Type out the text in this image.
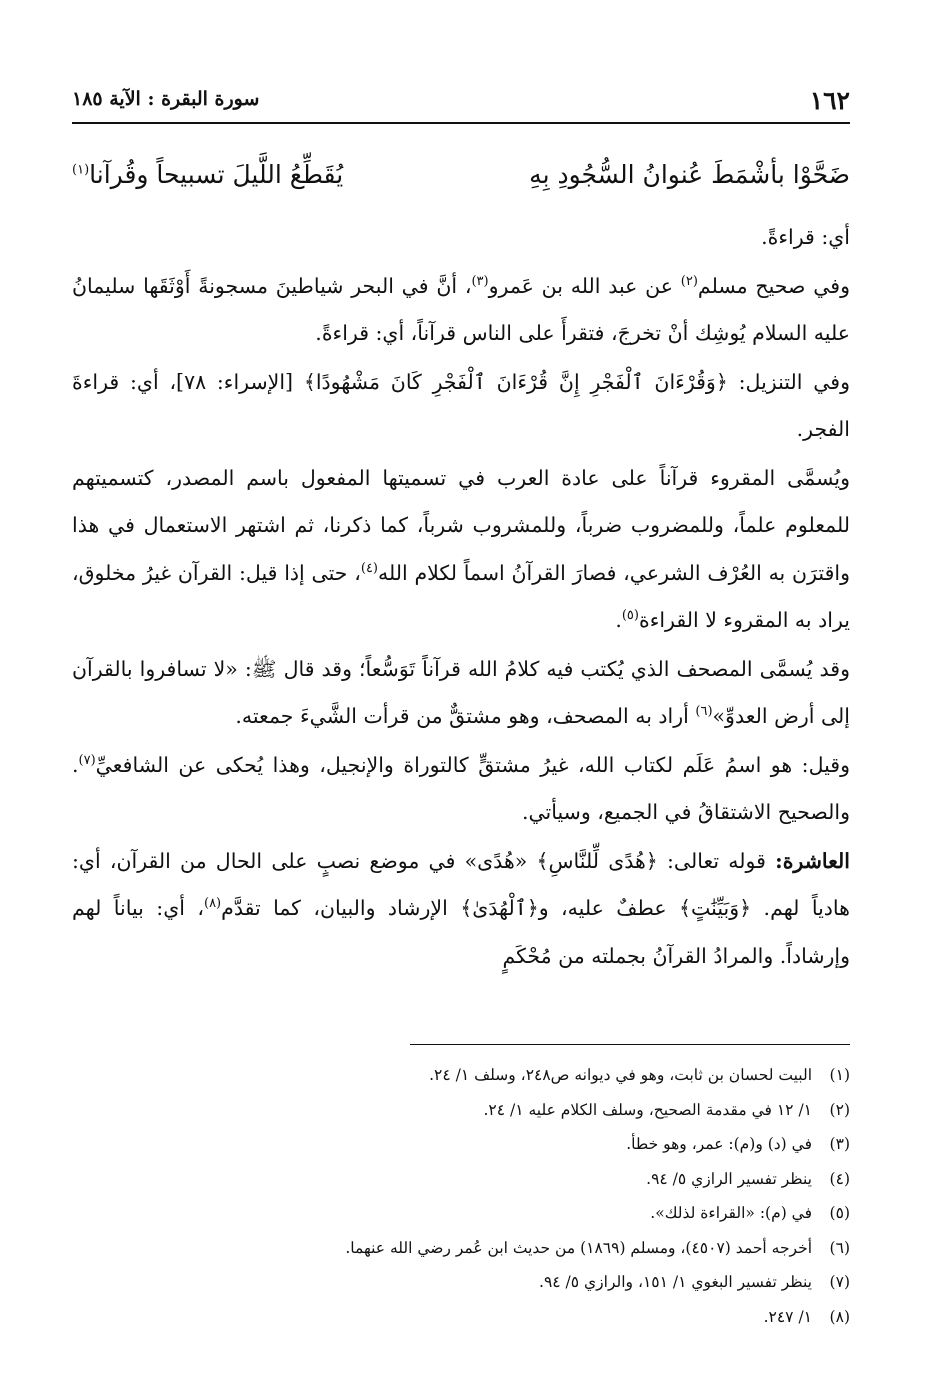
١٦٢
سورة البقرة : الآية ١٨٥
ضَحَّوْا بأشْمَطَ عُنوانُ السُّجُودِ بِهِ
يُقَطِّعُ اللَّيلَ تسبيحاً وقُرآنا$^{(١)}$

أي: قراءةً.

وفي صحيح مسلم$^{(٢)}$ عن عبد الله بن عَمرو$^{(٣)}$، أنَّ في البحر شياطينَ مسجونةً أَوْثَقَها سليمانُ عليه السلام يُوشِك أنْ تخرجَ، فتقرأَ على الناس قرآناً، أي: قراءةً.

وفي التنزيل: ﴿وَقُرْءَانَ ٱلْفَجْرِ إِنَّ قُرْءَانَ ٱلْفَجْرِ كَانَ مَشْهُودًا﴾ [الإسراء: ٧٨]، أي: قراءةَ الفجر.

ويُسمَّى المقروء قرآناً على عادة العرب في تسميتها المفعول باسم المصدر، كتسميتهم للمعلوم علماً، وللمضروب ضرباً، وللمشروب شرباً، كما ذكرنا، ثم اشتهر الاستعمال في هذا واقترَن به العُرْف الشرعي، فصارَ القرآنُ اسماً لكلام الله$^{(٤)}$، حتى إذا قيل: القرآن غيرُ مخلوق، يراد به المقروء لا القراءة$^{(٥)}$.

وقد يُسمَّى المصحف الذي يُكتب فيه كلامُ الله قرآناً تَوَسُّعاً؛ وقد قال ﷺ: «لا تسافروا بالقرآن إلى أرض العدوِّ»$^{(٦)}$ أراد به المصحف، وهو مشتقٌّ من قرأت الشَّيءَ جمعته.

وقيل: هو اسمُ عَلَم لكتاب الله، غيرُ مشتقٍّ كالتوراة والإنجيل، وهذا يُحكى عن الشافعيِّ$^{(٧)}$. والصحيح الاشتقاقُ في الجميع، وسيأتي.

العاشرة: قوله تعالى: ﴿هُدًى لِّلنَّاسِ﴾ «هُدًى» في موضع نصبٍ على الحال من القرآن، أي: هادياً لهم. ﴿وَبَيِّنَٰتٍ﴾ عطفٌ عليه، و﴿ٱلْهُدَىٰ﴾ الإرشاد والبيان، كما تقدَّم$^{(٨)}$، أي: بياناً لهم وإرشاداً. والمرادُ القرآنُ بجملته من مُحْكَمٍ

(١)البيت لحسان بن ثابت، وهو في ديوانه ص٢٤٨، وسلف ١/ ٢٤.
(٢)١/ ١٢ في مقدمة الصحيح، وسلف الكلام عليه ١/ ٢٤.
(٣)في (د) و(م): عمر، وهو خطأ.
(٤)ينظر تفسير الرازي ٥/ ٩٤.
(٥)في (م): «القراءة لذلك».
(٦)أخرجه أحمد (٤٥٠٧)، ومسلم (١٨٦٩) من حديث ابن عُمر رضي الله عنهما.
(٧)ينظر تفسير البغوي ١/ ١٥١، والرازي ٥/ ٩٤.
(٨)١/ ٢٤٧.
